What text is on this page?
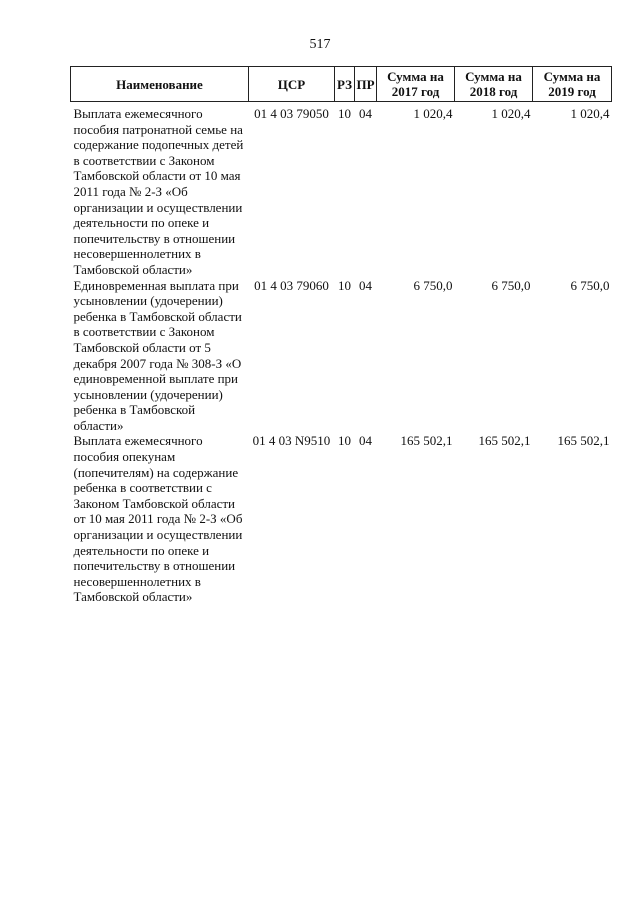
517
Наименование	ЦСР	РЗ	ПР	Сумма на 2017 год	Сумма на 2018 год	Сумма на 2019 год
Выплата ежемесячного пособия патронатной семье на содержание подопечных детей в соответствии с Законом Тамбовской области от 10 мая 2011 года № 2-З «Об организации и осуществлении деятельности по опеке и попечительству в отношении несовершеннолетних в Тамбовской области»	01 4 03 79050	10	04	1 020,4	1 020,4	1 020,4
Единовременная выплата при усыновлении (удочерении) ребенка в Тамбовской области в соответствии с Законом Тамбовской области от 5 декабря 2007 года № 308-З «О единовременной выплате при усыновлении (удочерении) ребенка в Тамбовской области»	01 4 03 79060	10	04	6 750,0	6 750,0	6 750,0
Выплата ежемесячного пособия опекунам (попечителям) на содержание ребенка в соответствии с Законом Тамбовской области от 10 мая 2011 года № 2-З «Об организации и осуществлении деятельности по опеке и попечительству в отношении несовершеннолетних в Тамбовской области»	01 4 03 N9510	10	04	165 502,1	165 502,1	165 502,1
